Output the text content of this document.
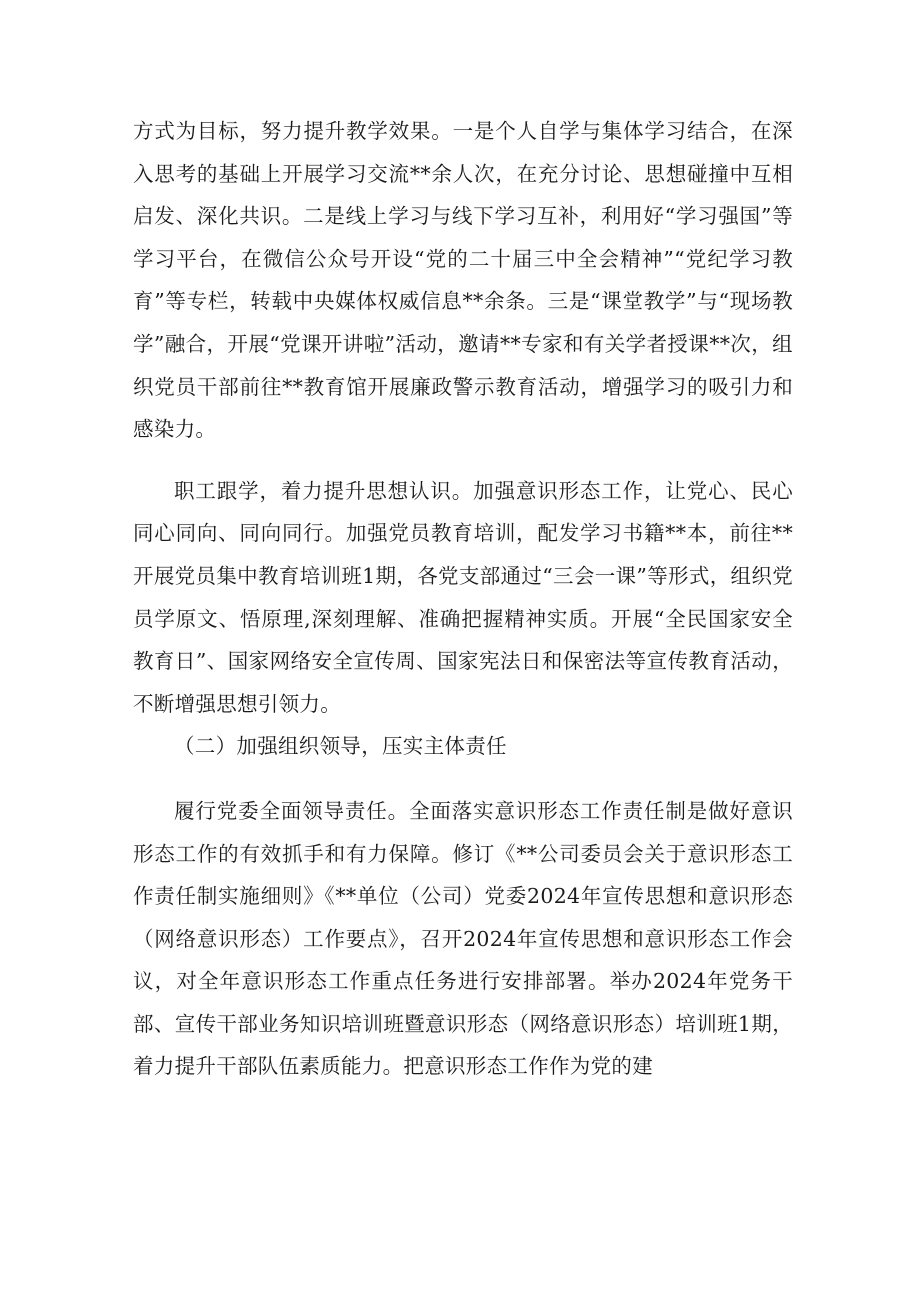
方式为目标，努力提升教学效果。一是个人自学与集体学习结合，在深入思考的基础上开展学习交流**余人次，在充分讨论、思想碰撞中互相启发、深化共识。二是线上学习与线下学习互补，利用好“学习强国”等学习平台，在微信公众号开设“党的二十届三中全会精神”“党纪学习教育”等专栏，转载中央媒体权威信息**余条。三是“课堂教学”与“现场教学”融合，开展“党课开讲啦”活动，邀请**专家和有关学者授课**次，组织党员干部前往**教育馆开展廉政警示教育活动，增强学习的吸引力和感染力。

职工跟学，着力提升思想认识。加强意识形态工作，让党心、民心同心同向、同向同行。加强党员教育培训，配发学习书籍**本，前往**开展党员集中教育培训班1期，各党支部通过“三会一课”等形式，组织党员学原文、悟原理,深刻理解、准确把握精神实质。开展“全民国家安全教育日”、国家网络安全宣传周、国家宪法日和保密法等宣传教育活动，不断增强思想引领力。

（二）加强组织领导，压实主体责任

履行党委全面领导责任。全面落实意识形态工作责任制是做好意识形态工作的有效抓手和有力保障。修订《**公司委员会关于意识形态工作责任制实施细则》《**单位（公司）党委2024年宣传思想和意识形态（网络意识形态）工作要点》，召开2024年宣传思想和意识形态工作会议，对全年意识形态工作重点任务进行安排部署。举办2024年党务干部、宣传干部业务知识培训班暨意识形态（网络意识形态）培训班1期，着力提升干部队伍素质能力。把意识形态工作作为党的建
